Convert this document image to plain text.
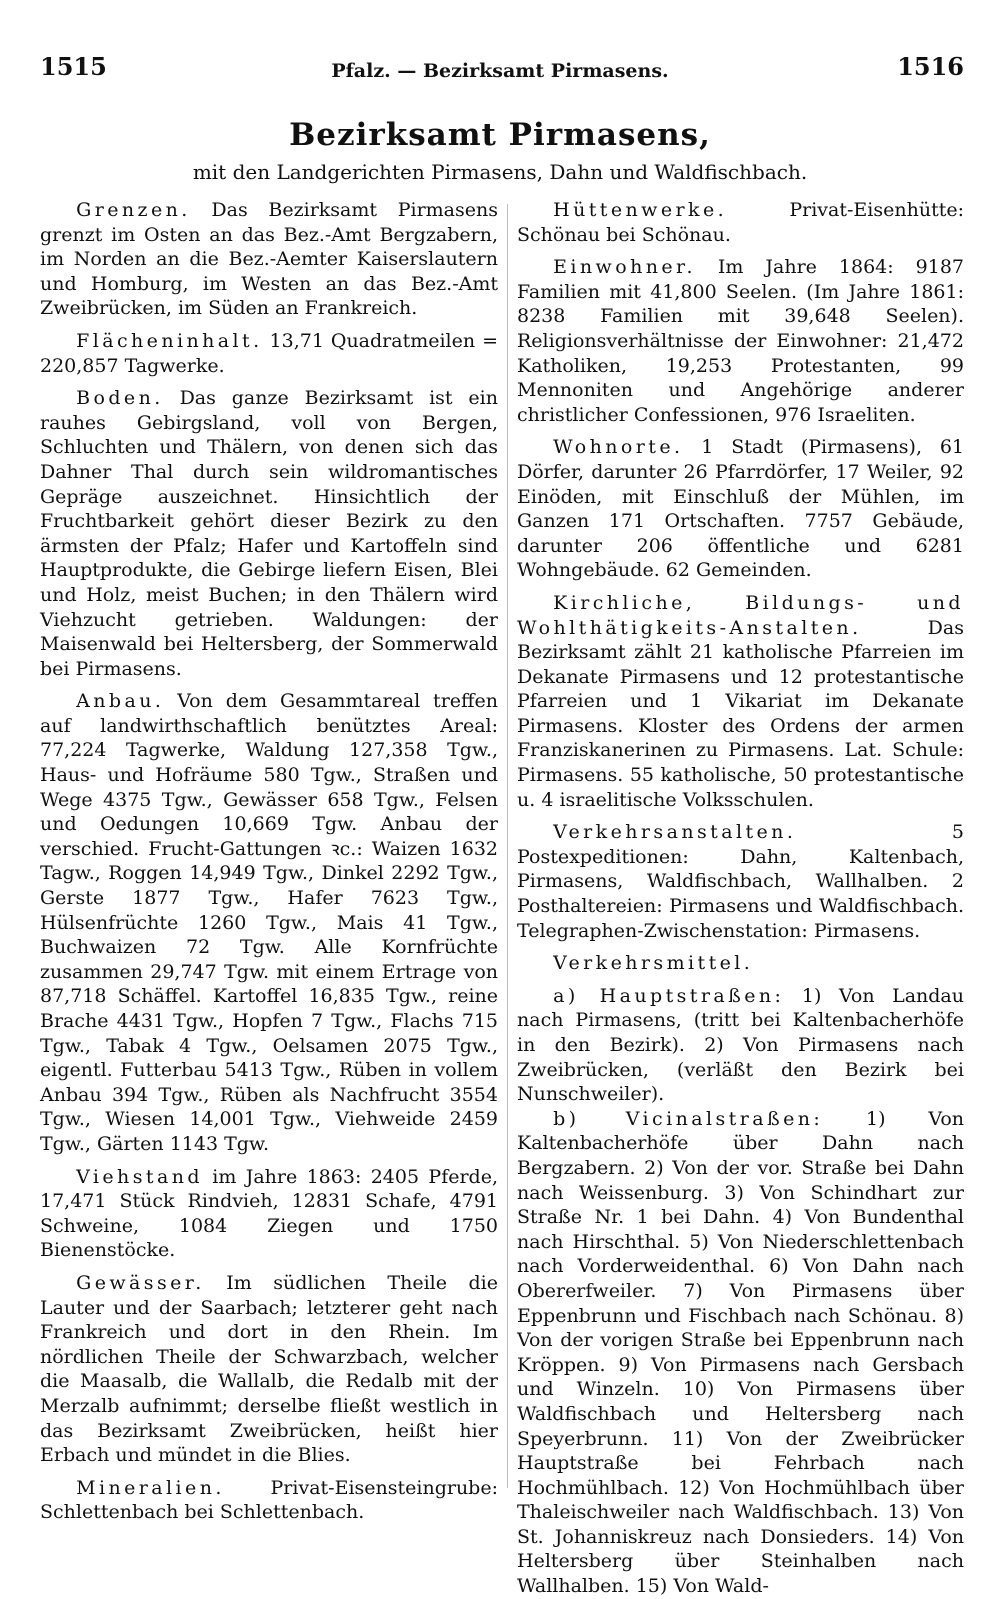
1515	Pfalz. — Bezirksamt Pirmasens.	1516
Bezirksamt Pirmasens,
mit den Landgerichten Pirmasens, Dahn und Waldfischbach.

Grenzen. Das Bezirksamt Pirmasens grenzt im Osten an das Bez.-Amt Bergzabern, im Norden an die Bez.-Aemter Kaiserslautern und Homburg, im Westen an das Bez.-Amt Zweibrücken, im Süden an Frankreich.

Flächeninhalt. 13,71 Quadratmeilen = 220,857 Tagwerke.

Boden. Das ganze Bezirksamt ist ein rauhes Gebirgsland, voll von Bergen, Schluchten und Thälern, von denen sich das Dahner Thal durch sein wildromantisches Gepräge auszeichnet. Hinsichtlich der Fruchtbarkeit gehört dieser Bezirk zu den ärmsten der Pfalz; Hafer und Kartoffeln sind Hauptprodukte, die Gebirge liefern Eisen, Blei und Holz, meist Buchen; in den Thälern wird Viehzucht getrieben. Waldungen: der Maisenwald bei Heltersberg, der Sommerwald bei Pirmasens.

Anbau. Von dem Gesammtareal treffen auf landwirthschaftlich benütztes Areal: 77,224 Tagwerke, Waldung 127,358 Tgw., Haus- und Hofräume 580 Tgw., Straßen und Wege 4375 Tgw., Gewässer 658 Tgw., Felsen und Oedungen 10,669 Tgw. Anbau der verschied. Frucht-Gattungen ꝛc.: Waizen 1632 Tagw., Roggen 14,949 Tgw., Dinkel 2292 Tgw., Gerste 1877 Tgw., Hafer 7623 Tgw., Hülsenfrüchte 1260 Tgw., Mais 41 Tgw., Buchwaizen 72 Tgw. Alle Kornfrüchte zusammen 29,747 Tgw. mit einem Ertrage von 87,718 Schäffel. Kartoffel 16,835 Tgw., reine Brache 4431 Tgw., Hopfen 7 Tgw., Flachs 715 Tgw., Tabak 4 Tgw., Oelsamen 2075 Tgw., eigentl. Futterbau 5413 Tgw., Rüben in vollem Anbau 394 Tgw., Rüben als Nachfrucht 3554 Tgw., Wiesen 14,001 Tgw., Viehweide 2459 Tgw., Gärten 1143 Tgw.

Viehstand im Jahre 1863: 2405 Pferde, 17,471 Stück Rindvieh, 12831 Schafe, 4791 Schweine, 1084 Ziegen und 1750 Bienenstöcke.

Gewässer. Im südlichen Theile die Lauter und der Saarbach; letzterer geht nach Frankreich und dort in den Rhein. Im nördlichen Theile der Schwarzbach, welcher die Maasalb, die Wallalb, die Redalb mit der Merzalb aufnimmt; derselbe fließt westlich in das Bezirksamt Zweibrücken, heißt hier Erbach und mündet in die Blies.

Mineralien. Privat-Eisensteingrube: Schlettenbach bei Schlettenbach.

Hüttenwerke. Privat-Eisenhütte: Schönau bei Schönau.

Einwohner. Im Jahre 1864: 9187 Familien mit 41,800 Seelen. (Im Jahre 1861: 8238 Familien mit 39,648 Seelen). Religionsverhältnisse der Einwohner: 21,472 Katholiken, 19,253 Protestanten, 99 Mennoniten und Angehörige anderer christlicher Confessionen, 976 Israeliten.

Wohnorte. 1 Stadt (Pirmasens), 61 Dörfer, darunter 26 Pfarrdörfer, 17 Weiler, 92 Einöden, mit Einschluß der Mühlen, im Ganzen 171 Ortschaften. 7757 Gebäude, darunter 206 öffentliche und 6281 Wohngebäude. 62 Gemeinden.

Kirchliche, Bildungs- und Wohlthätigkeits-Anstalten. Das Bezirksamt zählt 21 katholische Pfarreien im Dekanate Pirmasens und 12 protestantische Pfarreien und 1 Vikariat im Dekanate Pirmasens. Kloster des Ordens der armen Franziskanerinen zu Pirmasens. Lat. Schule: Pirmasens. 55 katholische, 50 protestantische u. 4 israelitische Volksschulen.

Verkehrsanstalten. 5 Postexpeditionen: Dahn, Kaltenbach, Pirmasens, Waldfischbach, Wallhalben. 2 Posthaltereien: Pirmasens und Waldfischbach. Telegraphen-Zwischenstation: Pirmasens.

Verkehrsmittel.

a) Hauptstraßen: 1) Von Landau nach Pirmasens, (tritt bei Kaltenbacherhöfe in den Bezirk). 2) Von Pirmasens nach Zweibrücken, (verläßt den Bezirk bei Nunschweiler).

b) Vicinalstraßen: 1) Von Kaltenbacherhöfe über Dahn nach Bergzabern. 2) Von der vor. Straße bei Dahn nach Weissenburg. 3) Von Schindhart zur Straße Nr. 1 bei Dahn. 4) Von Bundenthal nach Hirschthal. 5) Von Niederschlettenbach nach Vorderweidenthal. 6) Von Dahn nach Obererfweiler. 7) Von Pirmasens über Eppenbrunn und Fischbach nach Schönau. 8) Von der vorigen Straße bei Eppenbrunn nach Kröppen. 9) Von Pirmasens nach Gersbach und Winzeln. 10) Von Pirmasens über Waldfischbach und Heltersberg nach Speyerbrunn. 11) Von der Zweibrücker Hauptstraße bei Fehrbach nach Hochmühlbach. 12) Von Hochmühlbach über Thaleischweiler nach Waldfischbach. 13) Von St. Johanniskreuz nach Donsieders. 14) Von Heltersberg über Steinhalben nach Wallhalben. 15) Von Wald-
